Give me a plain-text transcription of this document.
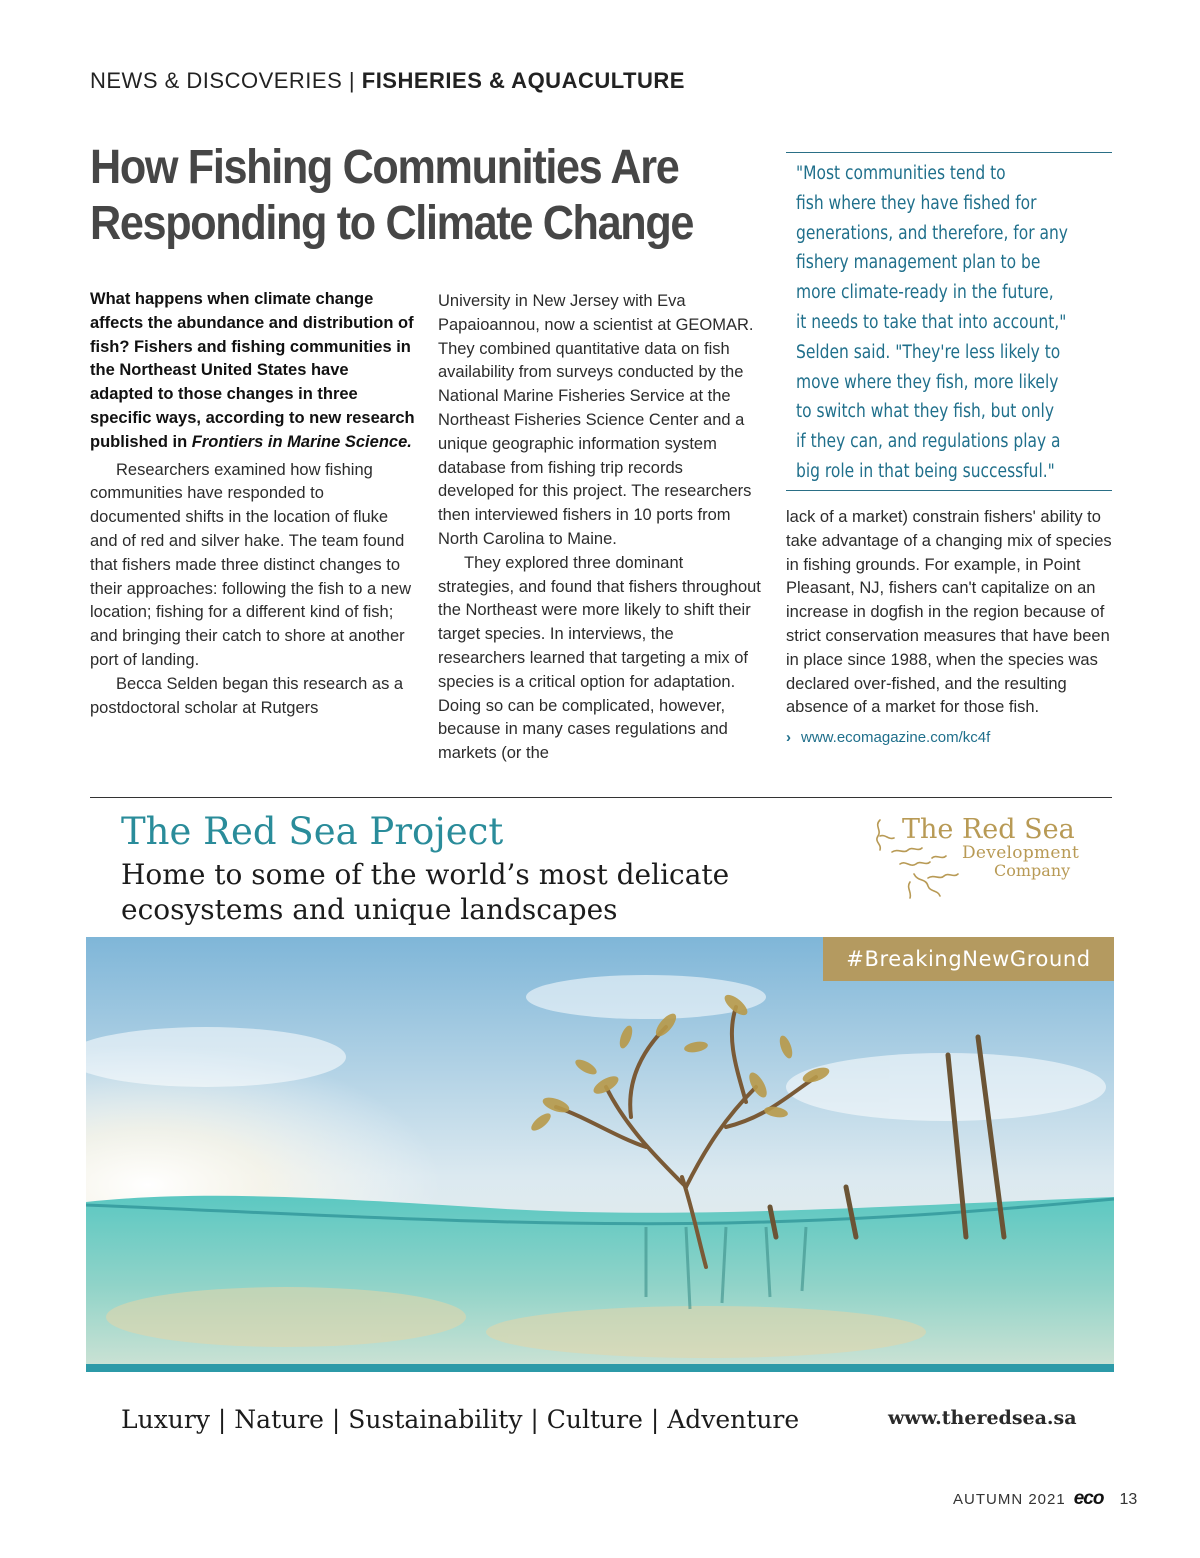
NEWS & DISCOVERIES | FISHERIES & AQUACULTURE
How Fishing Communities Are Responding to Climate Change
"Most communities tend to
fish where they have fished for
generations, and therefore, for any
fishery management plan to be
more climate-ready in the future,
it needs to take that into account,"
Selden said. "They're less likely to
move where they fish, more likely
to switch what they fish, but only
if they can, and regulations play a
big role in that being successful."

What happens when climate change affects the abundance and distribution of fish? Fishers and fishing communities in the Northeast United States have adapted to those changes in three specific ways, according to new research published in Frontiers in Marine Science.

Researchers examined how fishing communities have responded to documented shifts in the location of fluke and of red and silver hake. The team found that fishers made three distinct changes to their approaches: following the fish to a new location; fishing for a different kind of fish; and bringing their catch to shore at another port of landing.

Becca Selden began this research as a postdoctoral scholar at Rutgers

University in New Jersey with Eva Papaioannou, now a scientist at GEOMAR. They combined quantitative data on fish availability from surveys conducted by the National Marine Fisheries Service at the Northeast Fisheries Science Center and a unique geographic information system database from fishing trip records developed for this project. The researchers then interviewed fishers in 10 ports from North Carolina to Maine.

They explored three dominant strategies, and found that fishers throughout the Northeast were more likely to shift their target species. In interviews, the researchers learned that targeting a mix of species is a critical option for adaptation. Doing so can be complicated, however, because in many cases regulations and markets (or the

lack of a market) constrain fishers' ability to take advantage of a changing mix of species in fishing grounds. For example, in Point Pleasant, NJ, fishers can't capitalize on an increase in dogfish in the region because of strict conservation measures that have been in place since 1988, when the species was declared over-fished, and the resulting absence of a market for those fish.

› www.ecomagazine.com/kc4f
The Red Sea Project
Home to some of the world’s most delicate ecosystems and unique landscapes
The Red Sea
Development
Company
#BreakingNewGround
Luxury | Nature | Sustainability | Culture | Adventure	www.theredsea.sa
AUTUMN 2021 eco 13
